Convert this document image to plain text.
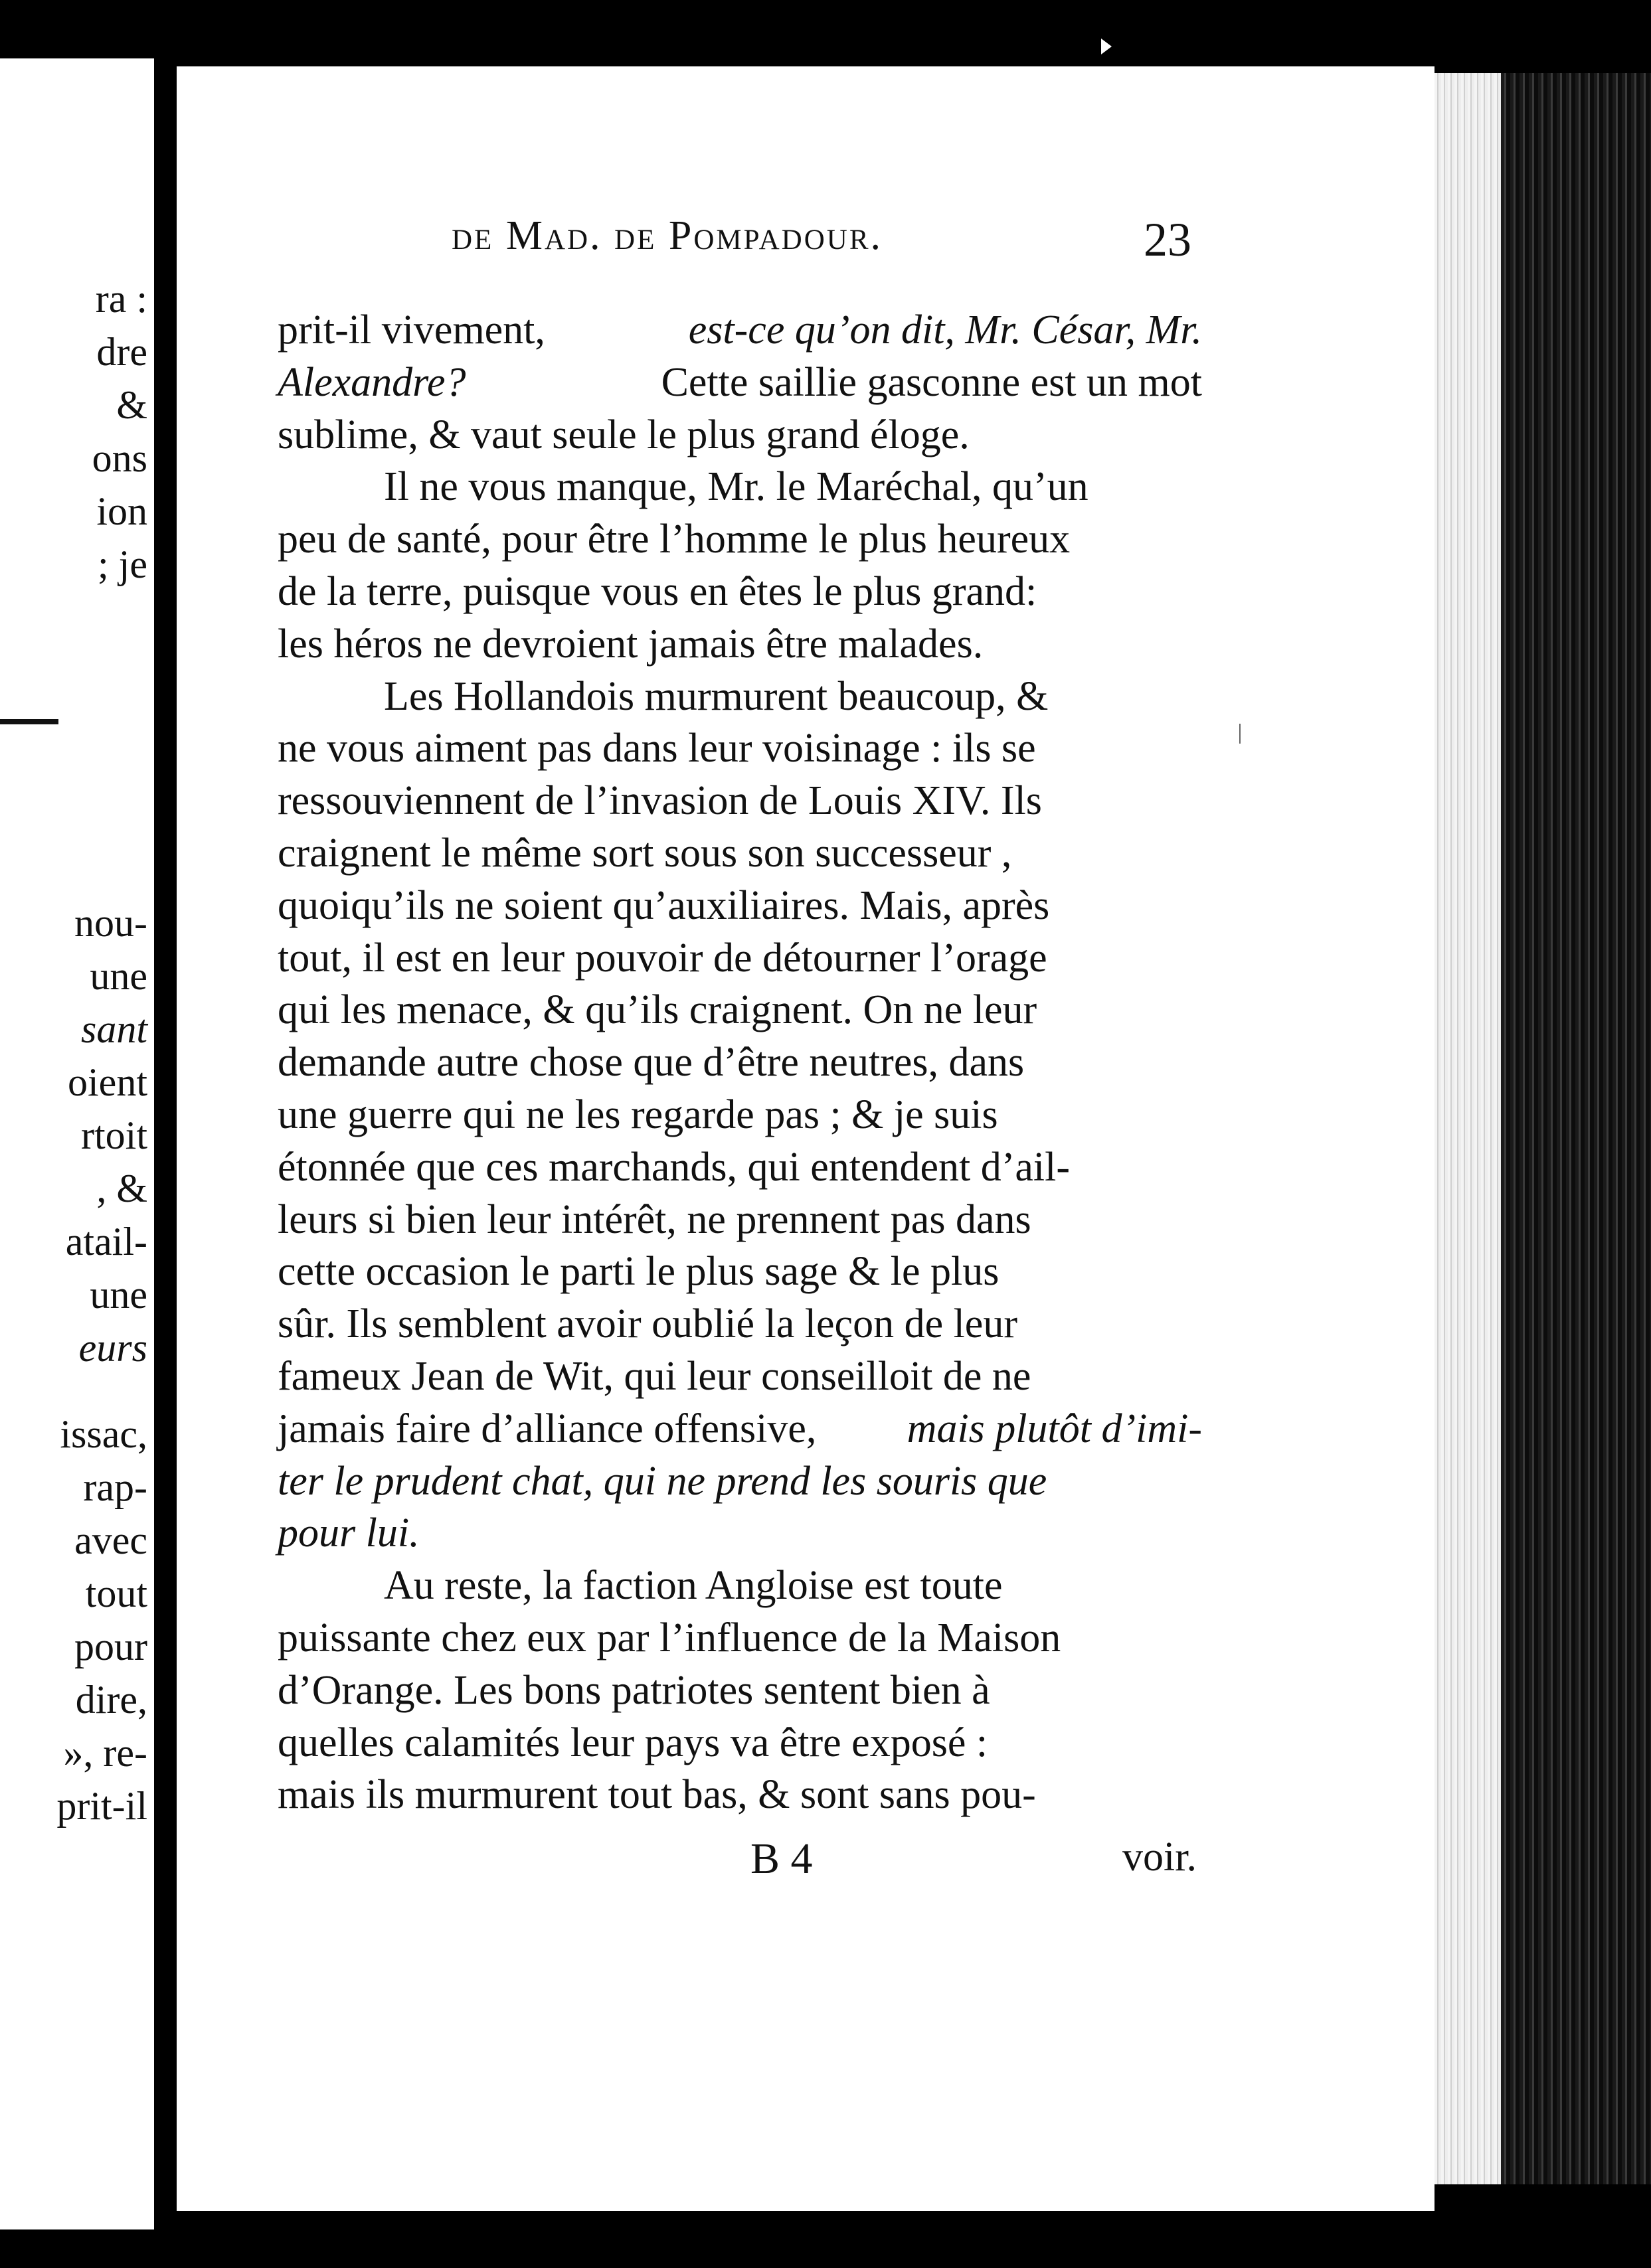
ra :
dre
&
ons
ion
; je
nou-
une
sant
oient
rtoit
, &
atail-
une
eurs
issac,
rap-
avec
tout
pour
dire,
», re-
prit-il
de Mad. de Pompadour.	23
prit-il vivement,	est-ce qu’on dit, Mr. César, Mr.
Alexandre?	Cette saillie gasconne est un mot
sublime, & vaut seule le plus grand éloge.
Il ne vous manque, Mr. le Maréchal, qu’un
peu de santé, pour être l’homme le plus heureux
de la terre, puisque vous en êtes le plus grand:
les héros ne devroient jamais être malades.
Les Hollandois murmurent beaucoup, &
ne vous aiment pas dans leur voisinage : ils se
ressouviennent de l’invasion de Louis XIV. Ils
craignent le même sort sous son successeur ,
quoiqu’ils ne soient qu’auxiliaires. Mais, après
tout, il est en leur pouvoir de détourner l’orage
qui les menace, & qu’ils craignent. On ne leur
demande autre chose que d’être neutres, dans
une guerre qui ne les regarde pas ; & je suis
étonnée que ces marchands, qui entendent d’ail-
leurs si bien leur intérêt, ne prennent pas dans
cette occasion le parti le plus sage & le plus
sûr. Ils semblent avoir oublié la leçon de leur
fameux Jean de Wit, qui leur conseilloit de ne
jamais faire d’alliance offensive, mais plutôt d’imi-
ter le prudent chat, qui ne prend les souris que
pour lui.
Au reste, la faction Angloise est toute
puissante chez eux par l’influence de la Maison
d’Orange. Les bons patriotes sentent bien à
quelles calamités leur pays va être exposé :
mais ils murmurent tout bas, & sont sans pou-
B 4	voir.
